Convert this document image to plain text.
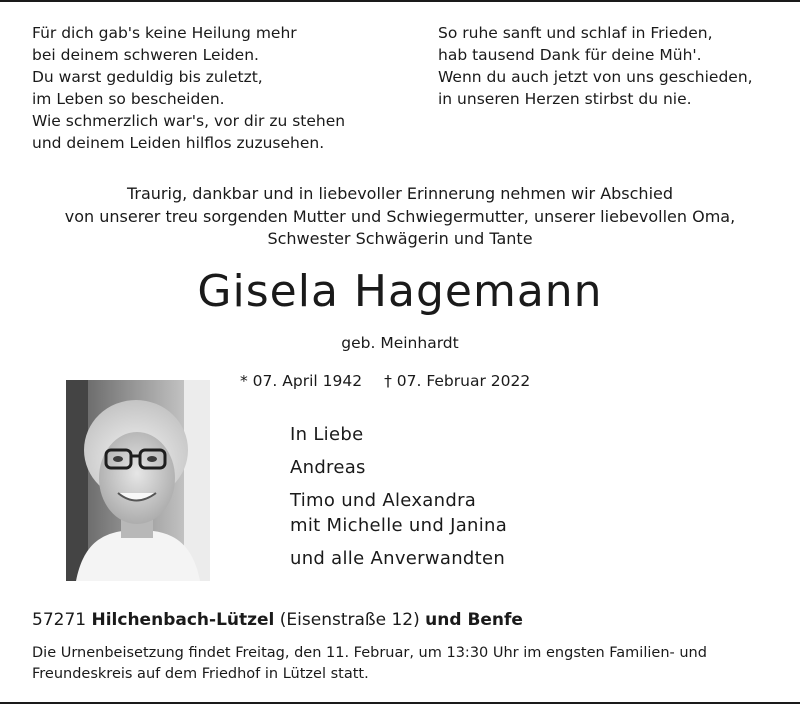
Für dich gab's keine Heilung mehr
bei deinem schweren Leiden.
Du warst geduldig bis zuletzt,
im Leben so bescheiden.
Wie schmerzlich war's, vor dir zu stehen
und deinem Leiden hilflos zuzusehen.
So ruhe sanft und schlaf in Frieden,
hab tausend Dank für deine Müh'.
Wenn du auch jetzt von uns geschieden,
in unseren Herzen stirbst du nie.
Traurig, dankbar und in liebevoller Erinnerung nehmen wir Abschied
von unserer treu sorgenden Mutter und Schwiegermutter, unserer liebevollen Oma,
Schwester Schwägerin und Tante
Gisela Hagemann
geb. Meinhardt
* 07. April 1942 † 07. Februar 2022
In Liebe
Andreas
Timo und Alexandra
mit Michelle und Janina
und alle Anverwandten
57271 Hilchenbach-Lützel (Eisenstraße 12) und Benfe
Die Urnenbeisetzung findet Freitag, den 11. Februar, um 13:30 Uhr im engsten Familien- und Freundeskreis auf dem Friedhof in Lützel statt.
